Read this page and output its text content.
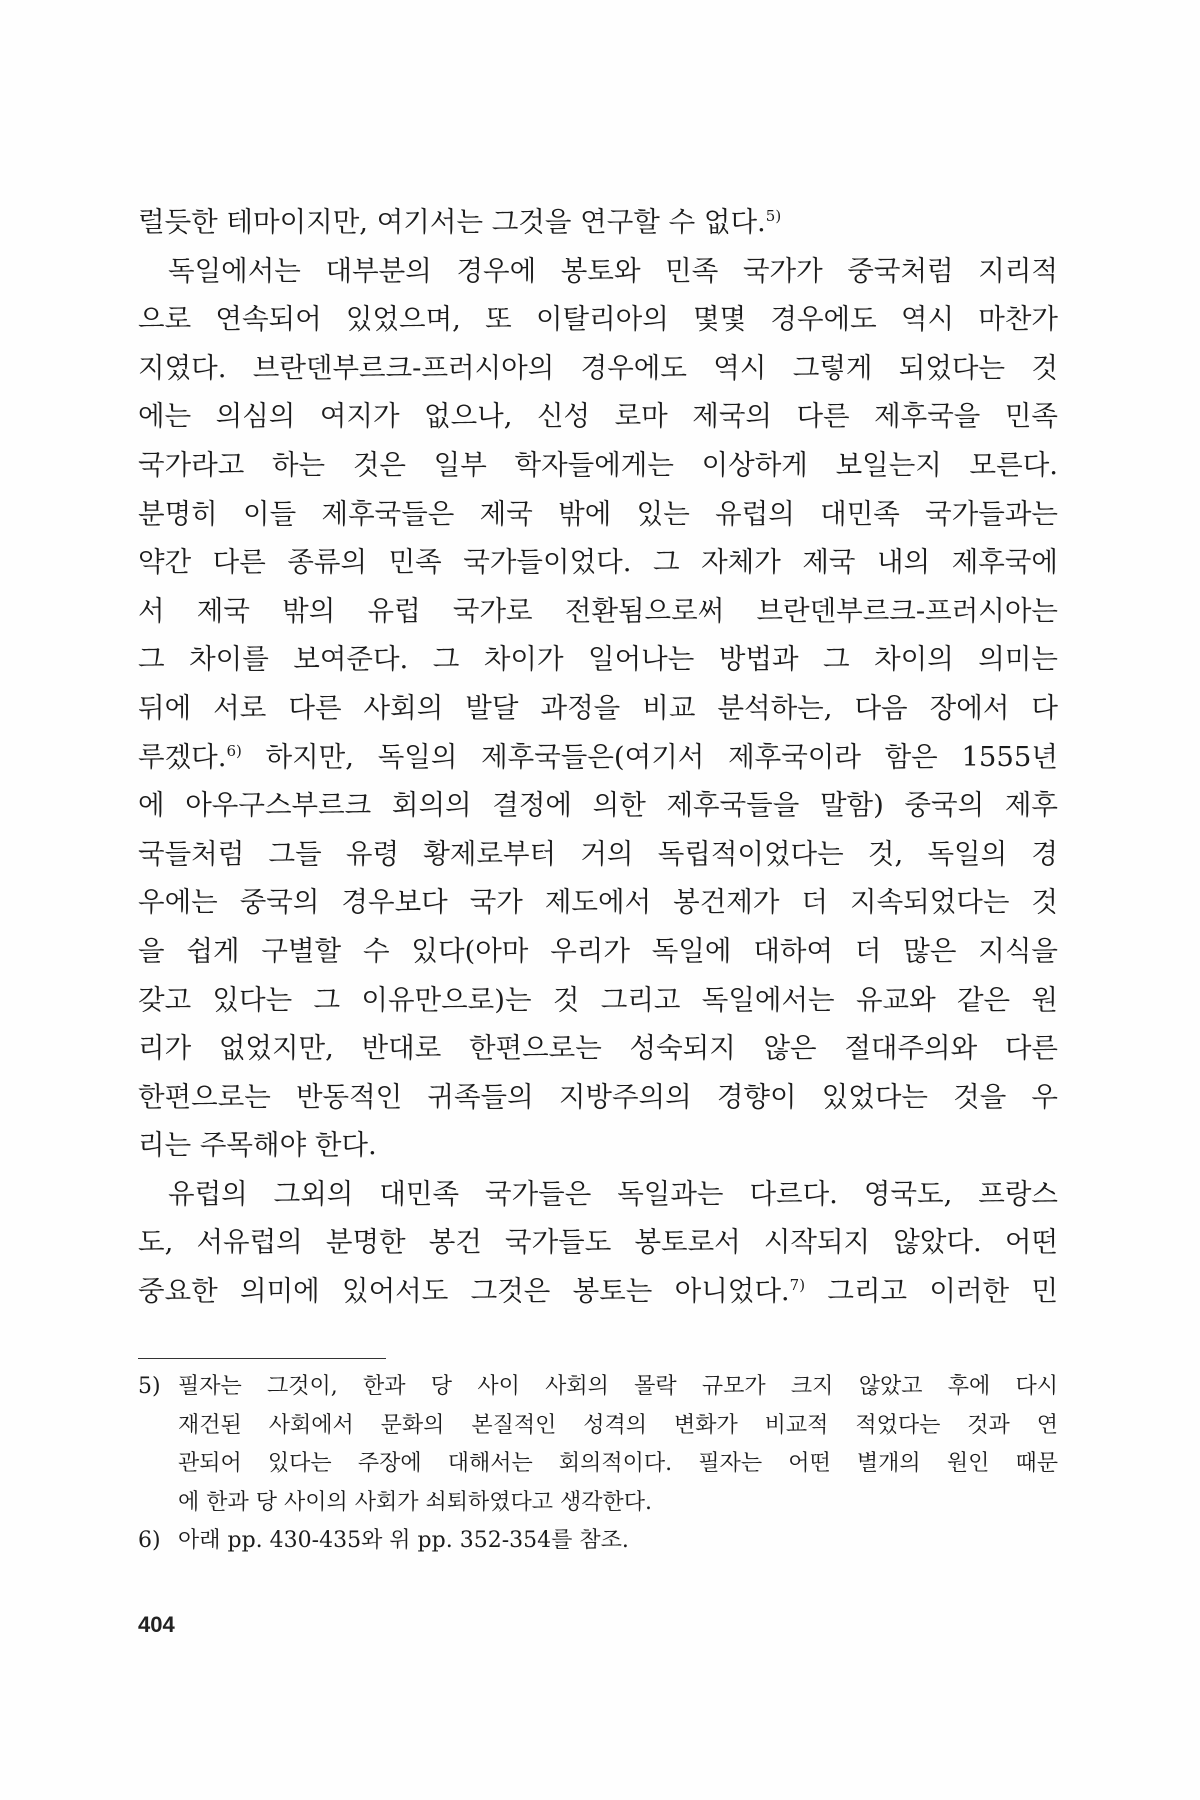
럴듯한 테마이지만, 여기서는 그것을 연구할 수 없다.$^{5)}$
독일에서는 대부분의 경우에 봉토와 민족 국가가 중국처럼 지리적
으로 연속되어 있었으며, 또 이탈리아의 몇몇 경우에도 역시 마찬가
지였다. 브란덴부르크-프러시아의 경우에도 역시 그렇게 되었다는 것
에는 의심의 여지가 없으나, 신성 로마 제국의 다른 제후국을 민족
국가라고 하는 것은 일부 학자들에게는 이상하게 보일는지 모른다.
분명히 이들 제후국들은 제국 밖에 있는 유럽의 대민족 국가들과는
약간 다른 종류의 민족 국가들이었다. 그 자체가 제국 내의 제후국에
서 제국 밖의 유럽 국가로 전환됨으로써 브란덴부르크-프러시아는
그 차이를 보여준다. 그 차이가 일어나는 방법과 그 차이의 의미는
뒤에 서로 다른 사회의 발달 과정을 비교 분석하는, 다음 장에서 다
루겠다.$^{6)}$ 하지만, 독일의 제후국들은(여기서 제후국이라 함은 1555년
에 아우구스부르크 회의의 결정에 의한 제후국들을 말함) 중국의 제후
국들처럼 그들 유령 황제로부터 거의 독립적이었다는 것, 독일의 경
우에는 중국의 경우보다 국가 제도에서 봉건제가 더 지속되었다는 것
을 쉽게 구별할 수 있다(아마 우리가 독일에 대하여 더 많은 지식을
갖고 있다는 그 이유만으로)는 것 그리고 독일에서는 유교와 같은 원
리가 없었지만, 반대로 한편으로는 성숙되지 않은 절대주의와 다른
한편으로는 반동적인 귀족들의 지방주의의 경향이 있었다는 것을 우
리는 주목해야 한다.
유럽의 그외의 대민족 국가들은 독일과는 다르다. 영국도, 프랑스
도, 서유럽의 분명한 봉건 국가들도 봉토로서 시작되지 않았다. 어떤
중요한 의미에 있어서도 그것은 봉토는 아니었다.$^{7)}$ 그리고 이러한 민
5) 필자는 그것이, 한과 당 사이 사회의 몰락 규모가 크지 않았고 후에 다시
재건된 사회에서 문화의 본질적인 성격의 변화가 비교적 적었다는 것과 연
관되어 있다는 주장에 대해서는 회의적이다. 필자는 어떤 별개의 원인 때문
에 한과 당 사이의 사회가 쇠퇴하였다고 생각한다.
6) 아래 pp. 430-435와 위 pp. 352-354를 참조.
404
